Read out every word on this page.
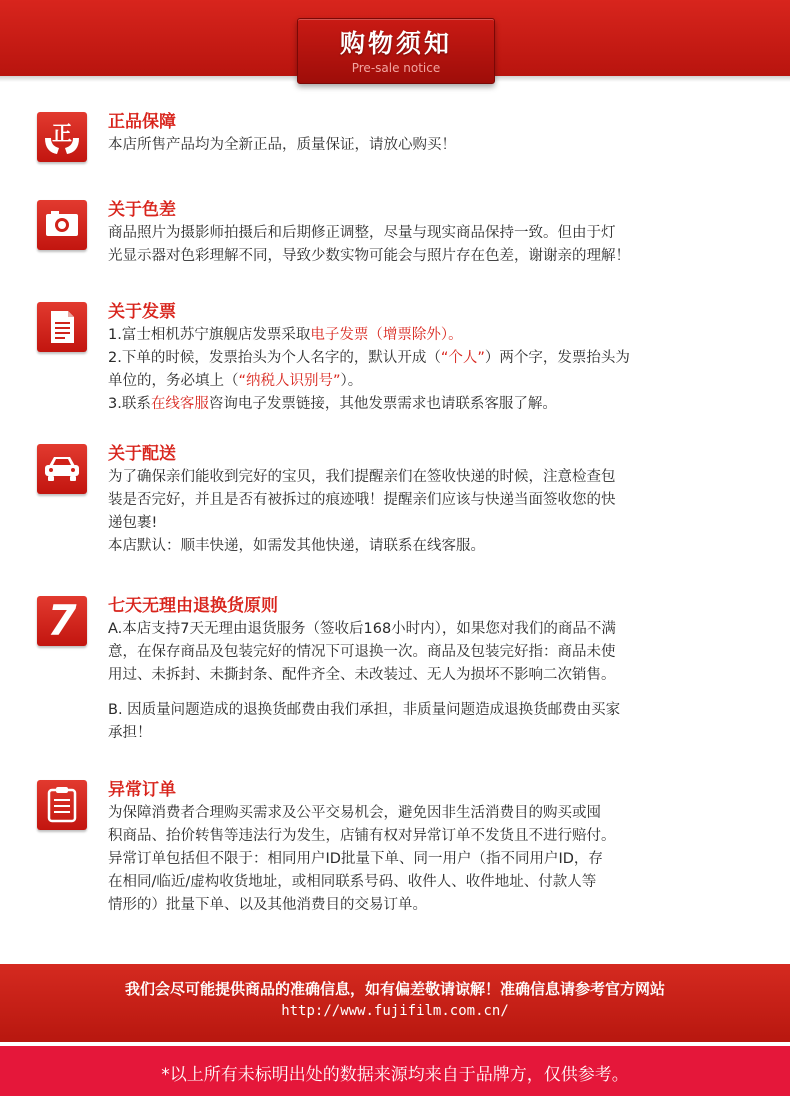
购物须知
Pre-sale notice
正	正品保障
本店所售产品均为全新正品，质量保证，请放心购买！
关于色差
商品照片为摄影师拍摄后和后期修正调整，尽量与现实商品保持一致。但由于灯
光显示器对色彩理解不同，导致少数实物可能会与照片存在色差，谢谢亲的理解！
关于发票
1.富士相机苏宁旗舰店发票采取电子发票（增票除外）。
2.下单的时候，发票抬头为个人名字的，默认开成（“个人”）两个字，发票抬头为
单位的，务必填上（“纳税人识别号”）。
3.联系在线客服咨询电子发票链接，其他发票需求也请联系客服了解。
关于配送
为了确保亲们能收到完好的宝贝，我们提醒亲们在签收快递的时候，注意检查包
装是否完好，并且是否有被拆过的痕迹哦！提醒亲们应该与快递当面签收您的快
递包裹!
本店默认：顺丰快递，如需发其他快递，请联系在线客服。
7	七天无理由退换货原则
A.本店支持7天无理由退货服务（签收后168小时内），如果您对我们的商品不满
意，在保存商品及包装完好的情况下可退换一次。商品及包装完好指：商品未使
用过、未拆封、未撕封条、配件齐全、未改装过、无人为损坏不影响二次销售。
B. 因质量问题造成的退换货邮费由我们承担，非质量问题造成退换货邮费由买家
承担！
异常订单
为保障消费者合理购买需求及公平交易机会，避免因非生活消费目的购买或囤
积商品、抬价转售等违法行为发生，店铺有权对异常订单不发货且不进行赔付。
异常订单包括但不限于：相同用户ID批量下单、同一用户（指不同用户ID，存
在相同/临近/虚构收货地址，或相同联系号码、收件人、收件地址、付款人等
情形的）批量下单、以及其他消费目的交易订单。
我们会尽可能提供商品的准确信息，如有偏差敬请谅解！准确信息请参考官方网站
http://www.fujifilm.com.cn/
*以上所有未标明出处的数据来源均来自于品牌方，仅供参考。
